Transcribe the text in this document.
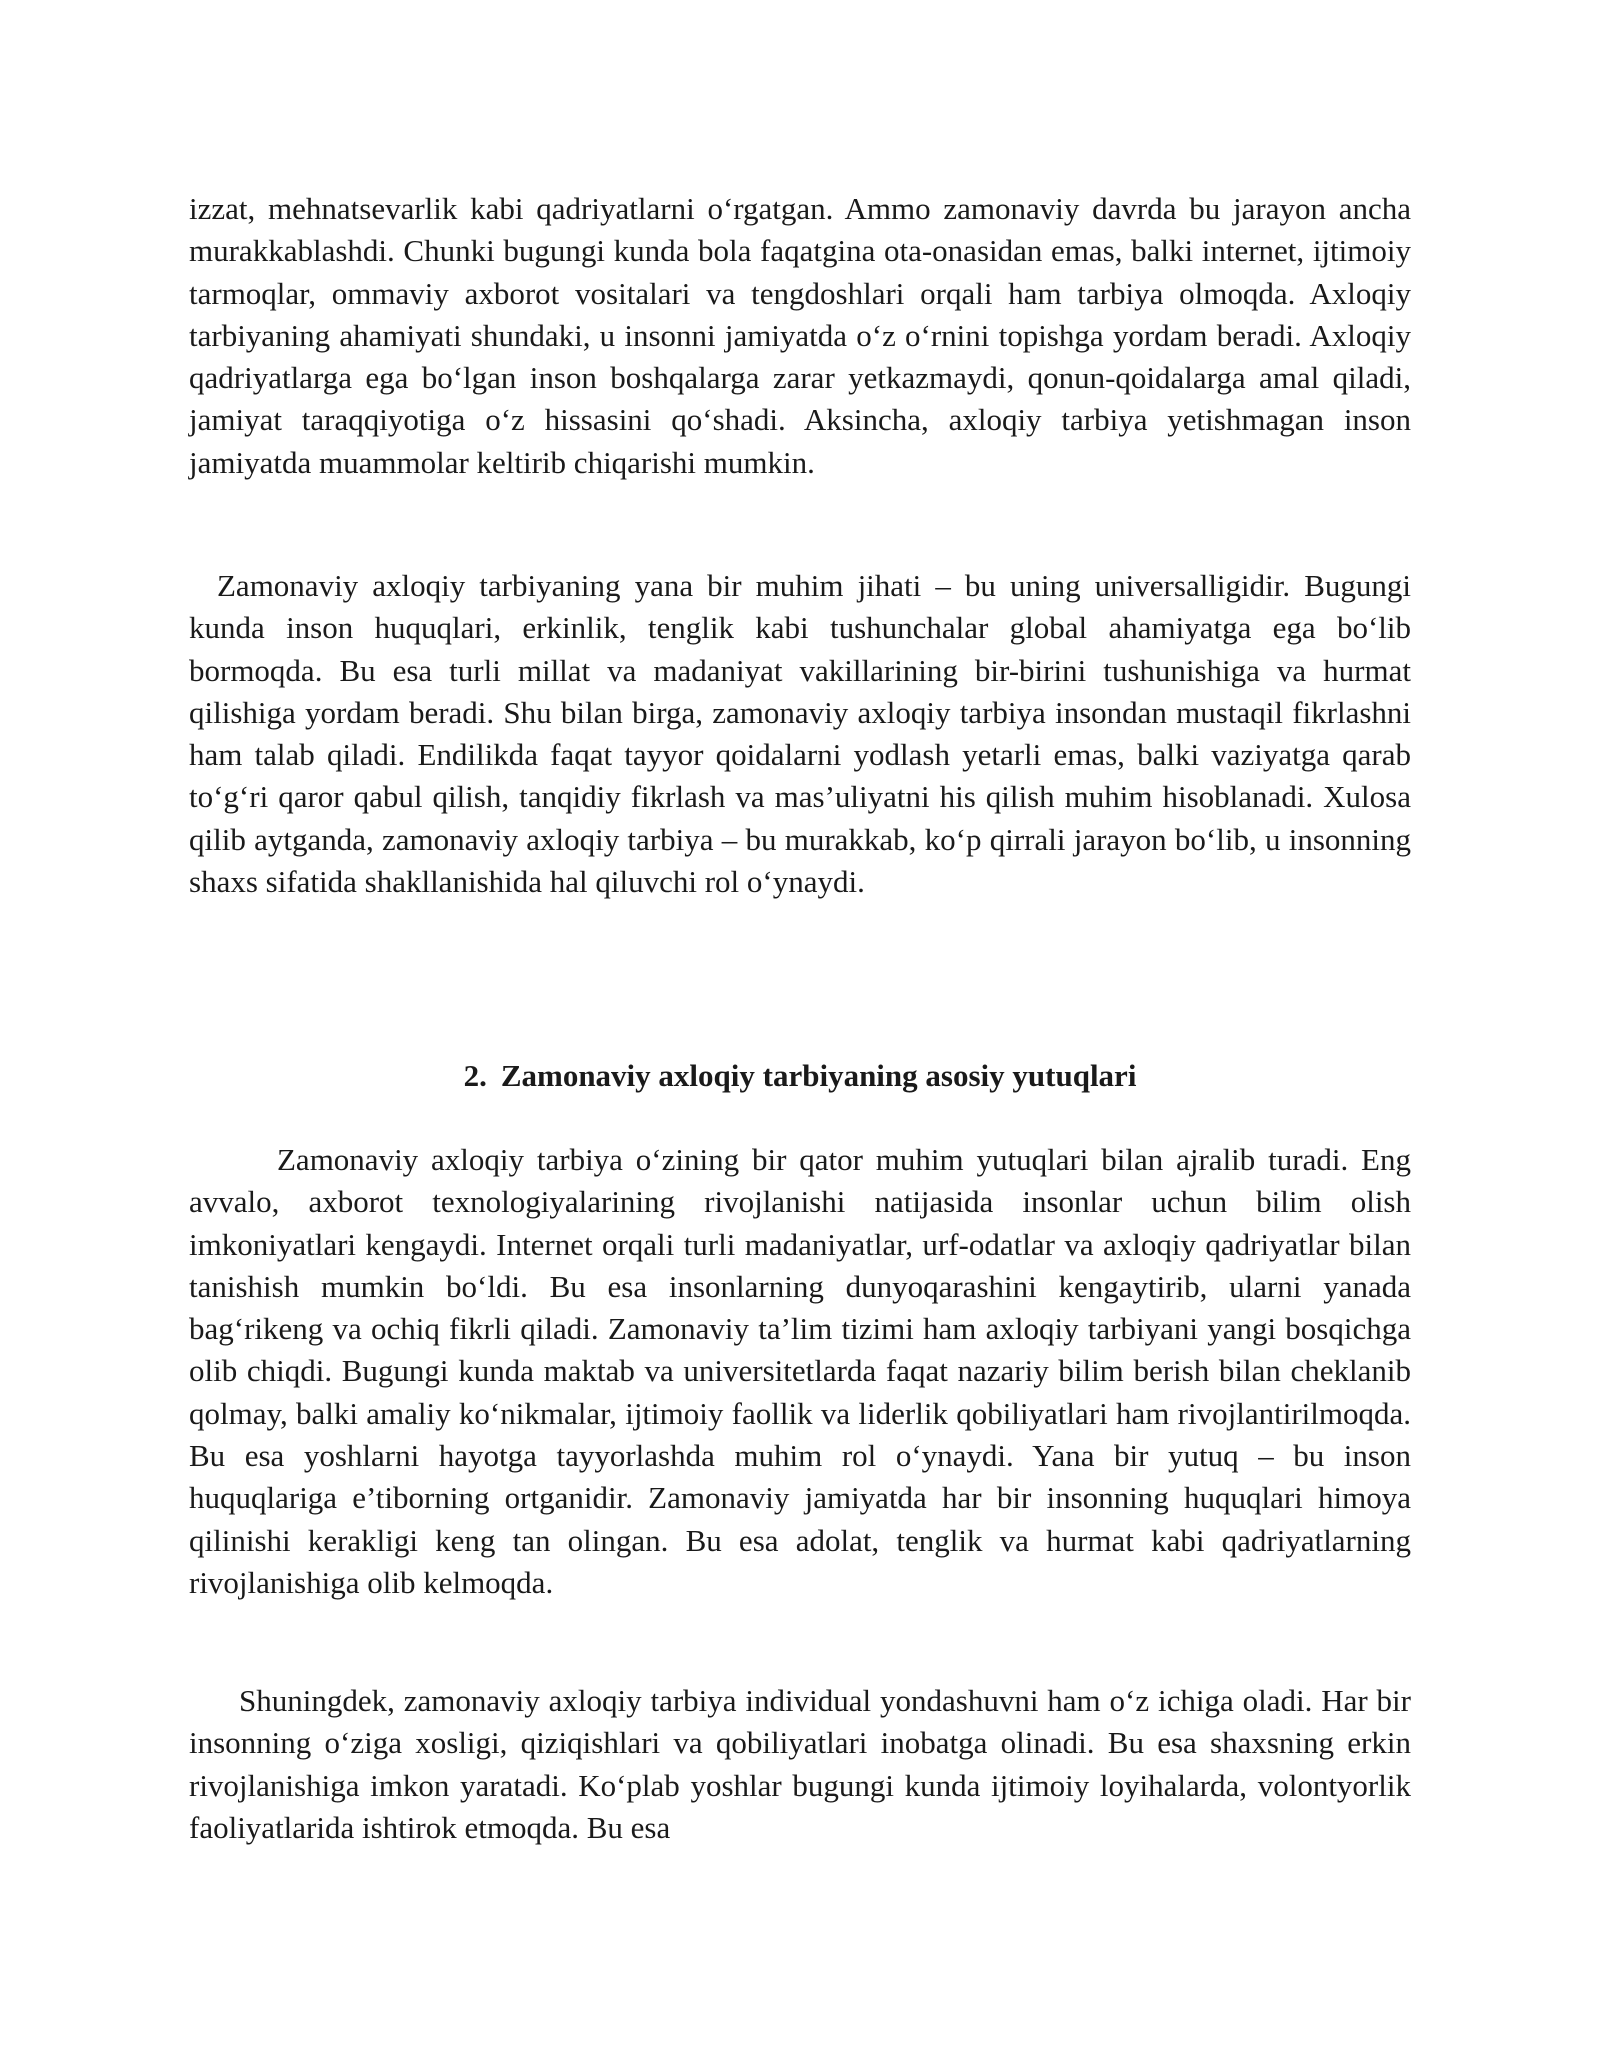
izzat, mehnatsevarlik kabi qadriyatlarni o‘rgatgan. Ammo zamonaviy davrda bu jarayon ancha murakkablashdi. Chunki bugungi kunda bola faqatgina ota-onasidan emas, balki internet, ijtimoiy tarmoqlar, ommaviy axborot vositalari va tengdoshlari orqali ham tarbiya olmoqda. Axloqiy tarbiyaning ahamiyati shundaki, u insonni jamiyatda o‘z o‘rnini topishga yordam beradi. Axloqiy qadriyatlarga ega bo‘lgan inson boshqalarga zarar yetkazmaydi, qonun-qoidalarga amal qiladi, jamiyat taraqqiyotiga o‘z hissasini qo‘shadi. Aksincha, axloqiy tarbiya yetishmagan inson jamiyatda muammolar keltirib chiqarishi mumkin.

Zamonaviy axloqiy tarbiyaning yana bir muhim jihati – bu uning universalligidir. Bugungi kunda inson huquqlari, erkinlik, tenglik kabi tushunchalar global ahamiyatga ega bo‘lib bormoqda. Bu esa turli millat va madaniyat vakillarining bir-birini tushunishiga va hurmat qilishiga yordam beradi. Shu bilan birga, zamonaviy axloqiy tarbiya insondan mustaqil fikrlashni ham talab qiladi. Endilikda faqat tayyor qoidalarni yodlash yetarli emas, balki vaziyatga qarab to‘g‘ri qaror qabul qilish, tanqidiy fikrlash va mas’uliyatni his qilish muhim hisoblanadi. Xulosa qilib aytganda, zamonaviy axloqiy tarbiya – bu murakkab, ko‘p qirrali jarayon bo‘lib, u insonning shaxs sifatida shakllanishida hal qiluvchi rol o‘ynaydi.

2. Zamonaviy axloqiy tarbiyaning asosiy yutuqlari

Zamonaviy axloqiy tarbiya o‘zining bir qator muhim yutuqlari bilan ajralib turadi. Eng avvalo, axborot texnologiyalarining rivojlanishi natijasida insonlar uchun bilim olish imkoniyatlari kengaydi. Internet orqali turli madaniyatlar, urf-odatlar va axloqiy qadriyatlar bilan tanishish mumkin bo‘ldi. Bu esa insonlarning dunyoqarashini kengaytirib, ularni yanada bag‘rikeng va ochiq fikrli qiladi. Zamonaviy ta’lim tizimi ham axloqiy tarbiyani yangi bosqichga olib chiqdi. Bugungi kunda maktab va universitetlarda faqat nazariy bilim berish bilan cheklanib qolmay, balki amaliy ko‘nikmalar, ijtimoiy faollik va liderlik qobiliyatlari ham rivojlantirilmoqda. Bu esa yoshlarni hayotga tayyorlashda muhim rol o‘ynaydi. Yana bir yutuq – bu inson huquqlariga e’tiborning ortganidir. Zamonaviy jamiyatda har bir insonning huquqlari himoya qilinishi kerakligi keng tan olingan. Bu esa adolat, tenglik va hurmat kabi qadriyatlarning rivojlanishiga olib kelmoqda.

Shuningdek, zamonaviy axloqiy tarbiya individual yondashuvni ham o‘z ichiga oladi. Har bir insonning o‘ziga xosligi, qiziqishlari va qobiliyatlari inobatga olinadi. Bu esa shaxsning erkin rivojlanishiga imkon yaratadi. Ko‘plab yoshlar bugungi kunda ijtimoiy loyihalarda, volontyorlik faoliyatlarida ishtirok etmoqda. Bu esa
